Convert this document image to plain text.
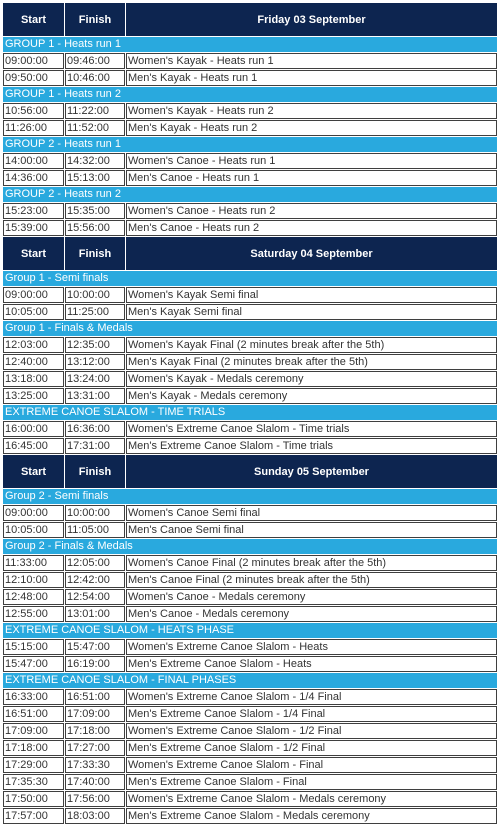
Start	Finish	Friday 03 September
GROUP 1 - Heats run 1
09:00:00	09:46:00	Women's Kayak - Heats run 1
09:50:00	10:46:00	Men's Kayak - Heats run 1
GROUP 1 - Heats run 2
10:56:00	11:22:00	Women's Kayak - Heats run 2
11:26:00	11:52:00	Men's Kayak - Heats run 2
GROUP 2 - Heats run 1
14:00:00	14:32:00	Women's Canoe - Heats run 1
14:36:00	15:13:00	Men's Canoe - Heats run 1
GROUP 2 - Heats run 2
15:23:00	15:35:00	Women's Canoe - Heats run 2
15:39:00	15:56:00	Men's Canoe - Heats run 2
Start	Finish	Saturday 04 September
Group 1 - Semi finals
09:00:00	10:00:00	Women's Kayak Semi final
10:05:00	11:25:00	Men's Kayak Semi final
Group 1 - Finals & Medals
12:03:00	12:35:00	Women's Kayak Final (2 minutes break after the 5th)
12:40:00	13:12:00	Men's Kayak Final (2 minutes break after the 5th)
13:18:00	13:24:00	Women's Kayak - Medals ceremony
13:25:00	13:31:00	Men's Kayak - Medals ceremony
EXTREME CANOE SLALOM - TIME TRIALS
16:00:00	16:36:00	Women's Extreme Canoe Slalom - Time trials
16:45:00	17:31:00	Men's Extreme Canoe Slalom - Time trials
Start	Finish	Sunday 05 September
Group 2 - Semi finals
09:00:00	10:00:00	Women's Canoe Semi final
10:05:00	11:05:00	Men's Canoe Semi final
Group 2 - Finals & Medals
11:33:00	12:05:00	Women's Canoe Final (2 minutes break after the 5th)
12:10:00	12:42:00	Men's Canoe Final (2 minutes break after the 5th)
12:48:00	12:54:00	Women's Canoe - Medals ceremony
12:55:00	13:01:00	Men's Canoe - Medals ceremony
EXTREME CANOE SLALOM - HEATS PHASE
15:15:00	15:47:00	Women's Extreme Canoe Slalom - Heats
15:47:00	16:19:00	Men's Extreme Canoe Slalom - Heats
EXTREME CANOE SLALOM - FINAL PHASES
16:33:00	16:51:00	Women's Extreme Canoe Slalom - 1/4 Final
16:51:00	17:09:00	Men's Extreme Canoe Slalom - 1/4 Final
17:09:00	17:18:00	Women's Extreme Canoe Slalom - 1/2 Final
17:18:00	17:27:00	Men's Extreme Canoe Slalom - 1/2 Final
17:29:00	17:33:30	Women's Extreme Canoe Slalom - Final
17:35:30	17:40:00	Men's Extreme Canoe Slalom - Final
17:50:00	17:56:00	Women's Extreme Canoe Slalom - Medals ceremony
17:57:00	18:03:00	Men's Extreme Canoe Slalom - Medals ceremony
